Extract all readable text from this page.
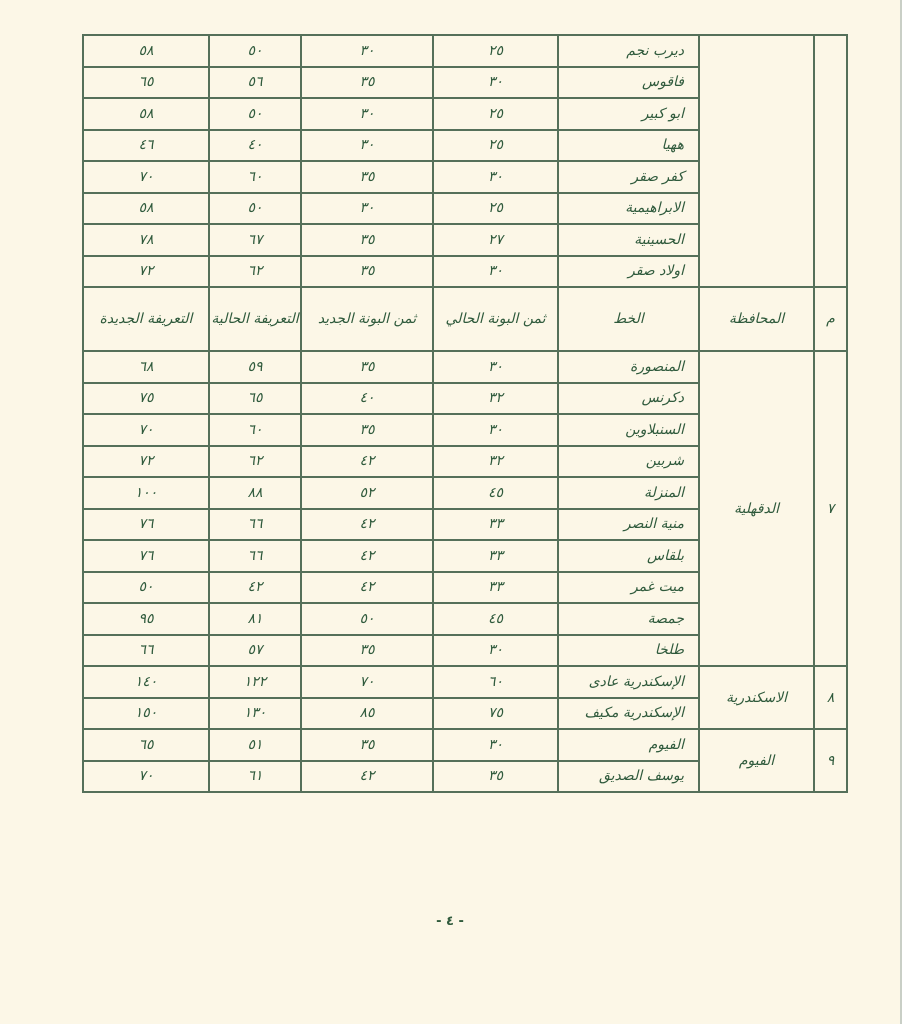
		ديرب نجم	٢٥	٣٠	٥٠	٥٨
		فاقوس	٣٠	٣٥	٥٦	٦٥
		ابو كبير	٢٥	٣٠	٥٠	٥٨
		ههيا	٢٥	٣٠	٤٠	٤٦
		كفر صقر	٣٠	٣٥	٦٠	٧٠
		الابراهيمية	٢٥	٣٠	٥٠	٥٨
		الحسينية	٢٧	٣٥	٦٧	٧٨
		اولاد صقر	٣٠	٣٥	٦٢	٧٢
م	المحافظة	الخط	ثمن البونة الحالي	ثمن البونة الجديد	التعريفة الحالية	التعريفة الجديدة
٧	الدقهلية	المنصورة	٣٠	٣٥	٥٩	٦٨
		دكرنس	٣٢	٤٠	٦٥	٧٥
		السنبلاوين	٣٠	٣٥	٦٠	٧٠
		شربين	٣٢	٤٢	٦٢	٧٢
		المنزلة	٤٥	٥٢	٨٨	١٠٠
		منية النصر	٣٣	٤٢	٦٦	٧٦
		بلقاس	٣٣	٤٢	٦٦	٧٦
		ميت غمر	٣٣	٤٢	٤٢	٥٠
		جمصة	٤٥	٥٠	٨١	٩٥
		طلخا	٣٠	٣٥	٥٧	٦٦
٨	الاسكندرية	الإسكندرية عادى	٦٠	٧٠	١٢٢	١٤٠
		الإسكندرية مكيف	٧٥	٨٥	١٣٠	١٥٠
٩	الفيوم	الفيوم	٣٠	٣٥	٥١	٦٥
		يوسف الصديق	٣٥	٤٢	٦١	٧٠
- ٤ -
